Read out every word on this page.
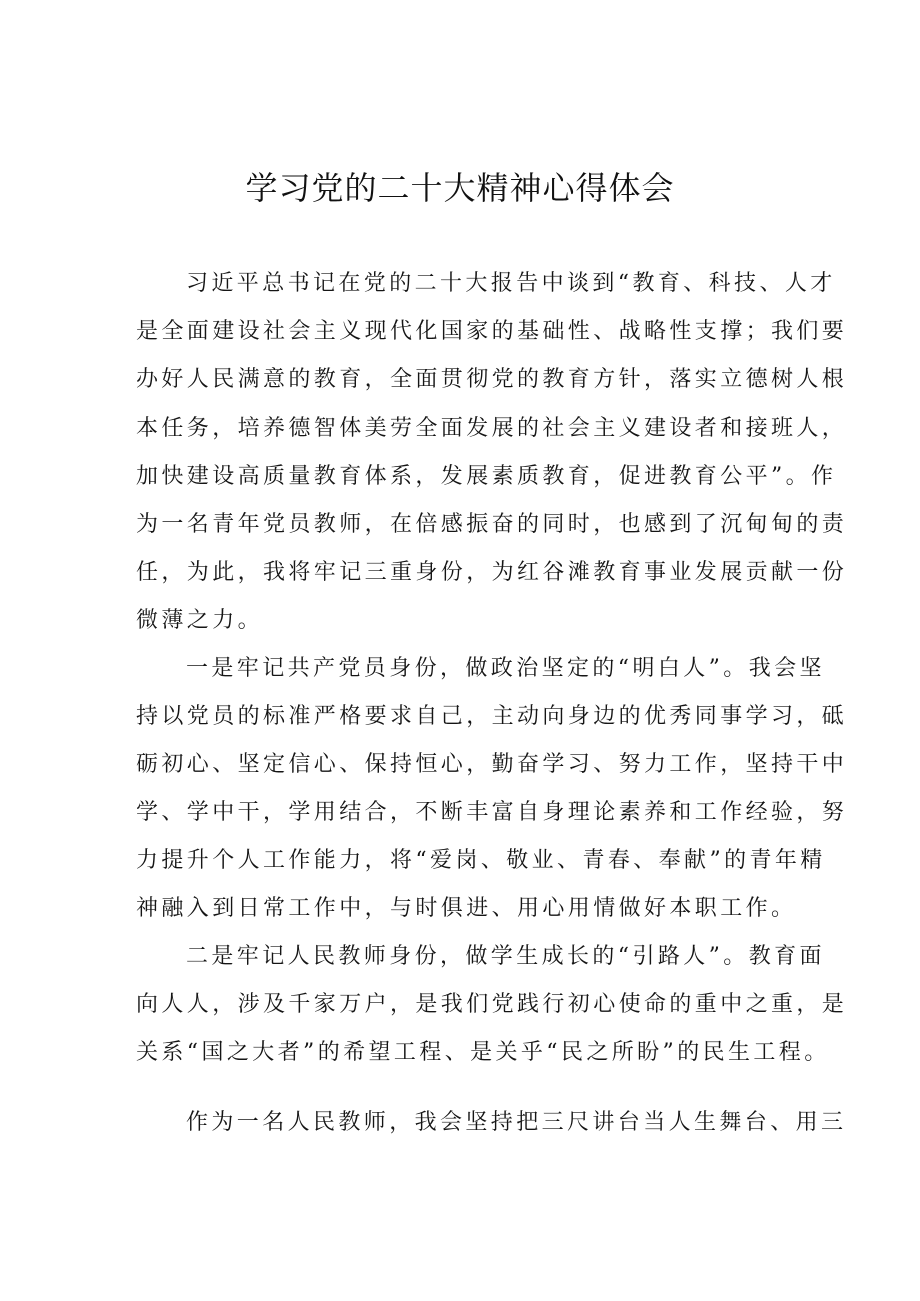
学习党的二十大精神心得体会
习近平总书记在党的二十大报告中谈到“教育、科技、人才
是全面建设社会主义现代化国家的基础性、战略性支撑；我们要
办好人民满意的教育，全面贯彻党的教育方针，落实立德树人根
本任务，培养德智体美劳全面发展的社会主义建设者和接班人，
加快建设高质量教育体系，发展素质教育，促进教育公平”。作
为一名青年党员教师，在倍感振奋的同时，也感到了沉甸甸的责
任，为此，我将牢记三重身份，为红谷滩教育事业发展贡献一份
微薄之力。
一是牢记共产党员身份，做政治坚定的“明白人”。我会坚
持以党员的标准严格要求自己，主动向身边的优秀同事学习，砥
砺初心、坚定信心、保持恒心，勤奋学习、努力工作，坚持干中
学、学中干，学用结合，不断丰富自身理论素养和工作经验，努
力提升个人工作能力，将“爱岗、敬业、青春、奉献”的青年精
神融入到日常工作中，与时俱进、用心用情做好本职工作。
二是牢记人民教师身份，做学生成长的“引路人”。教育面
向人人，涉及千家万户，是我们党践行初心使命的重中之重，是
关系“国之大者”的希望工程、是关乎“民之所盼”的民生工程。
作为一名人民教师，我会坚持把三尺讲台当人生舞台、用三
